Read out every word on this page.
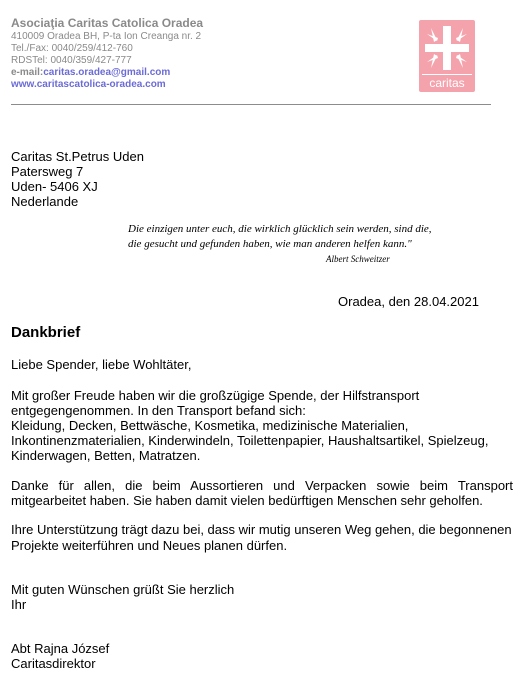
Asociaţia Caritas Catolica Oradea
410009 Oradea BH, P-ta Ion Creanga nr. 2
Tel./Fax: 0040/259/412-760
RDSTel: 0040/359/427-777
e-mail:caritas.oradea@gmail.com
www.caritascatolica-oradea.com	caritas
Caritas St.Petrus Uden
Patersweg 7
Uden- 5406 XJ
Nederlande
Die einzigen unter euch, die wirklich glücklich sein werden, sind die,
die gesucht und gefunden haben, wie man anderen helfen kann."
Albert Schweitzer
Oradea, den 28.04.2021
Dankbrief
Liebe Spender, liebe Wohltäter,
Mit großer Freude haben wir die großzügige Spende, der Hilfstransport
entgegengenommen. In den Transport befand sich:
Kleidung, Decken, Bettwäsche, Kosmetika, medizinische Materialien,
Inkontinenzmaterialien, Kinderwindeln, Toilettenpapier, Haushaltsartikel, Spielzeug,
Kinderwagen, Betten, Matratzen.
Danke für allen, die beim Aussortieren und Verpacken sowie beim Transport
mitgearbeitet haben. Sie haben damit vielen bedürftigen Menschen sehr geholfen.
Ihre Unterstützung trägt dazu bei, dass wir mutig unseren Weg gehen, die begonnenen
Projekte weiterführen und Neues planen dürfen.
Mit guten Wünschen grüßt Sie herzlich
Ihr
Abt Rajna József
Caritasdirektor
